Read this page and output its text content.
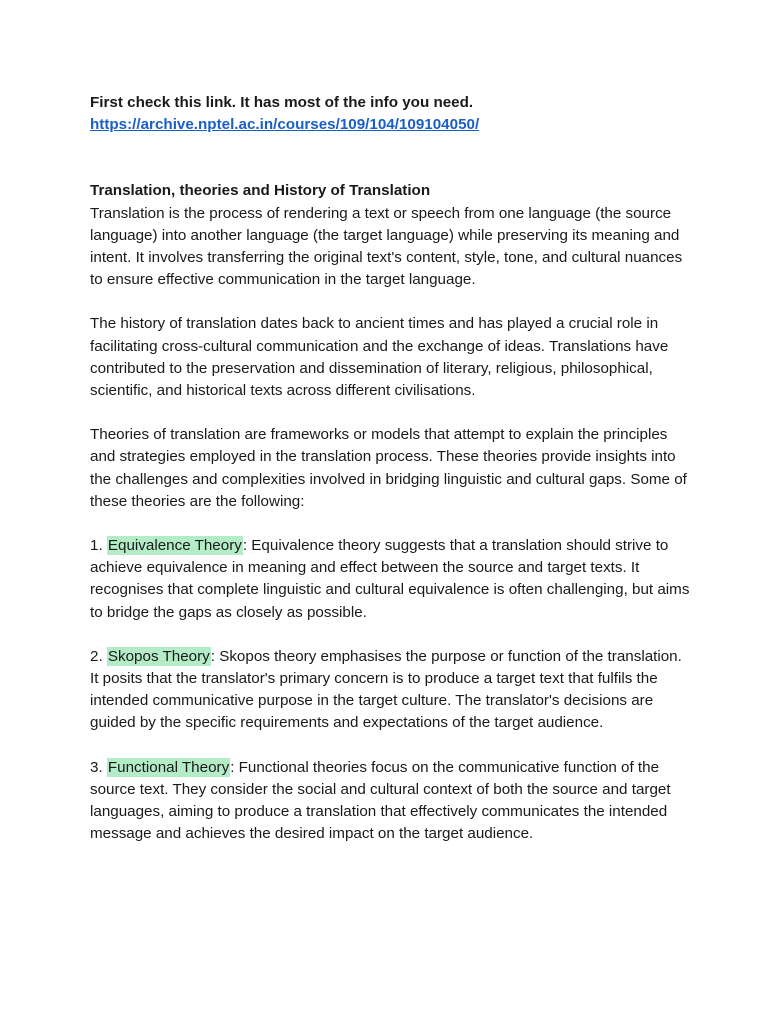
First check this link. It has most of the info you need.

https://archive.nptel.ac.in/courses/109/104/109104050/

Translation, theories and History of Translation

Translation is the process of rendering a text or speech from one language (the source language) into another language (the target language) while preserving its meaning and intent. It involves transferring the original text's content, style, tone, and cultural nuances to ensure effective communication in the target language.

The history of translation dates back to ancient times and has played a crucial role in facilitating cross-cultural communication and the exchange of ideas. Translations have contributed to the preservation and dissemination of literary, religious, philosophical, scientific, and historical texts across different civilisations.

Theories of translation are frameworks or models that attempt to explain the principles and strategies employed in the translation process. These theories provide insights into the challenges and complexities involved in bridging linguistic and cultural gaps. Some of these theories are the following:

1. Equivalence Theory: Equivalence theory suggests that a translation should strive to achieve equivalence in meaning and effect between the source and target texts. It recognises that complete linguistic and cultural equivalence is often challenging, but aims to bridge the gaps as closely as possible.

2. Skopos Theory: Skopos theory emphasises the purpose or function of the translation. It posits that the translator's primary concern is to produce a target text that fulfils the intended communicative purpose in the target culture. The translator's decisions are guided by the specific requirements and expectations of the target audience.

3. Functional Theory: Functional theories focus on the communicative function of the source text. They consider the social and cultural context of both the source and target languages, aiming to produce a translation that effectively communicates the intended message and achieves the desired impact on the target audience.
